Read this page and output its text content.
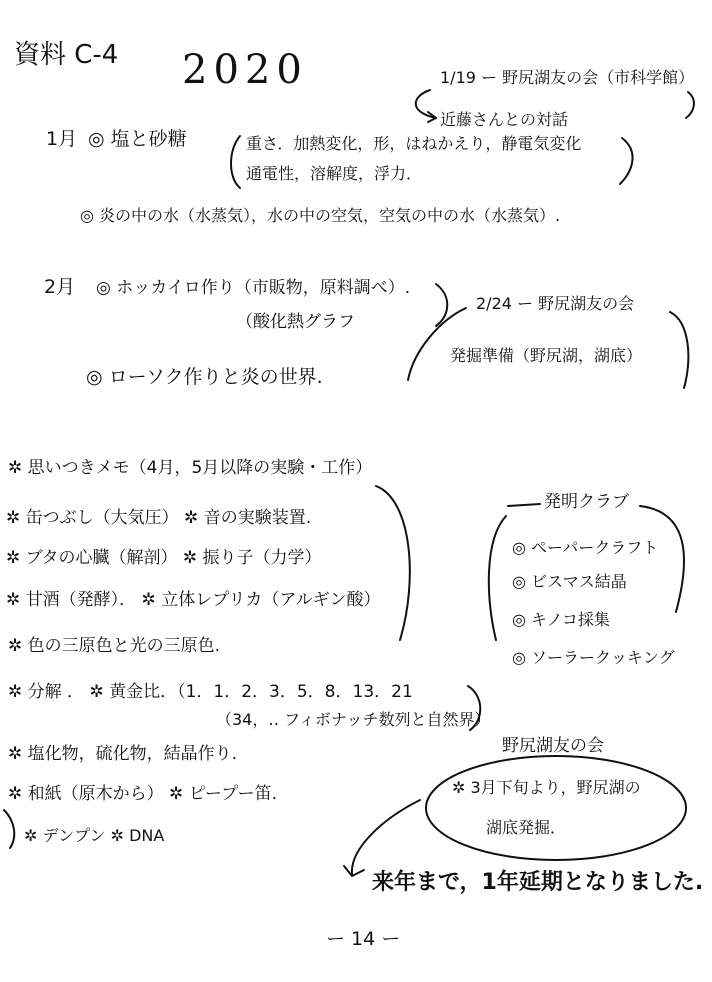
資料 C-4 2020	1/19 ー 野尻湖友の会（市科学館）
近藤さんとの対話
1月 ◎ 塩と砂糖	重さ．加熱変化，形，はねかえり，静電気変化
通電性，溶解度，浮力．
◎ 炎の中の水（水蒸気），水の中の空気，空気の中の水（水蒸気）.
2月 ◎ ホッカイロ作り（市販物，原料調べ）.
（酸化熱グラフ
2/24 ー 野尻湖友の会
発掘準備（野尻湖，湖底）
◎ ローソク作りと炎の世界.
✲ 思いつきメモ（4月，5月以降の実験・工作）
✲ 缶つぶし（大気圧） ✲ 音の実験装置.
✲ ブタの心臓（解剖） ✲ 振り子（力学）
✲ 甘酒（発酵）． ✲ 立体レプリカ（アルギン酸）
✲ 色の三原色と光の三原色.
✲ 分解 ． ✲ 黄金比．（1．1．2．3．5．8．13．21
（34，‥ フィボナッチ数列と自然界）
✲ 塩化物，硫化物，結晶作り.
✲ 和紙（原木から） ✲ ピープー笛.
✲ デンプン ✲ DNA
発明クラブ
◎ ペーパークラフト
◎ ビスマス結晶
◎ キノコ採集
◎ ソーラークッキング
野尻湖友の会
✲ 3月下旬より，野尻湖の
湖底発掘．
来年まで，1年延期となりました.
ー 14 ー
